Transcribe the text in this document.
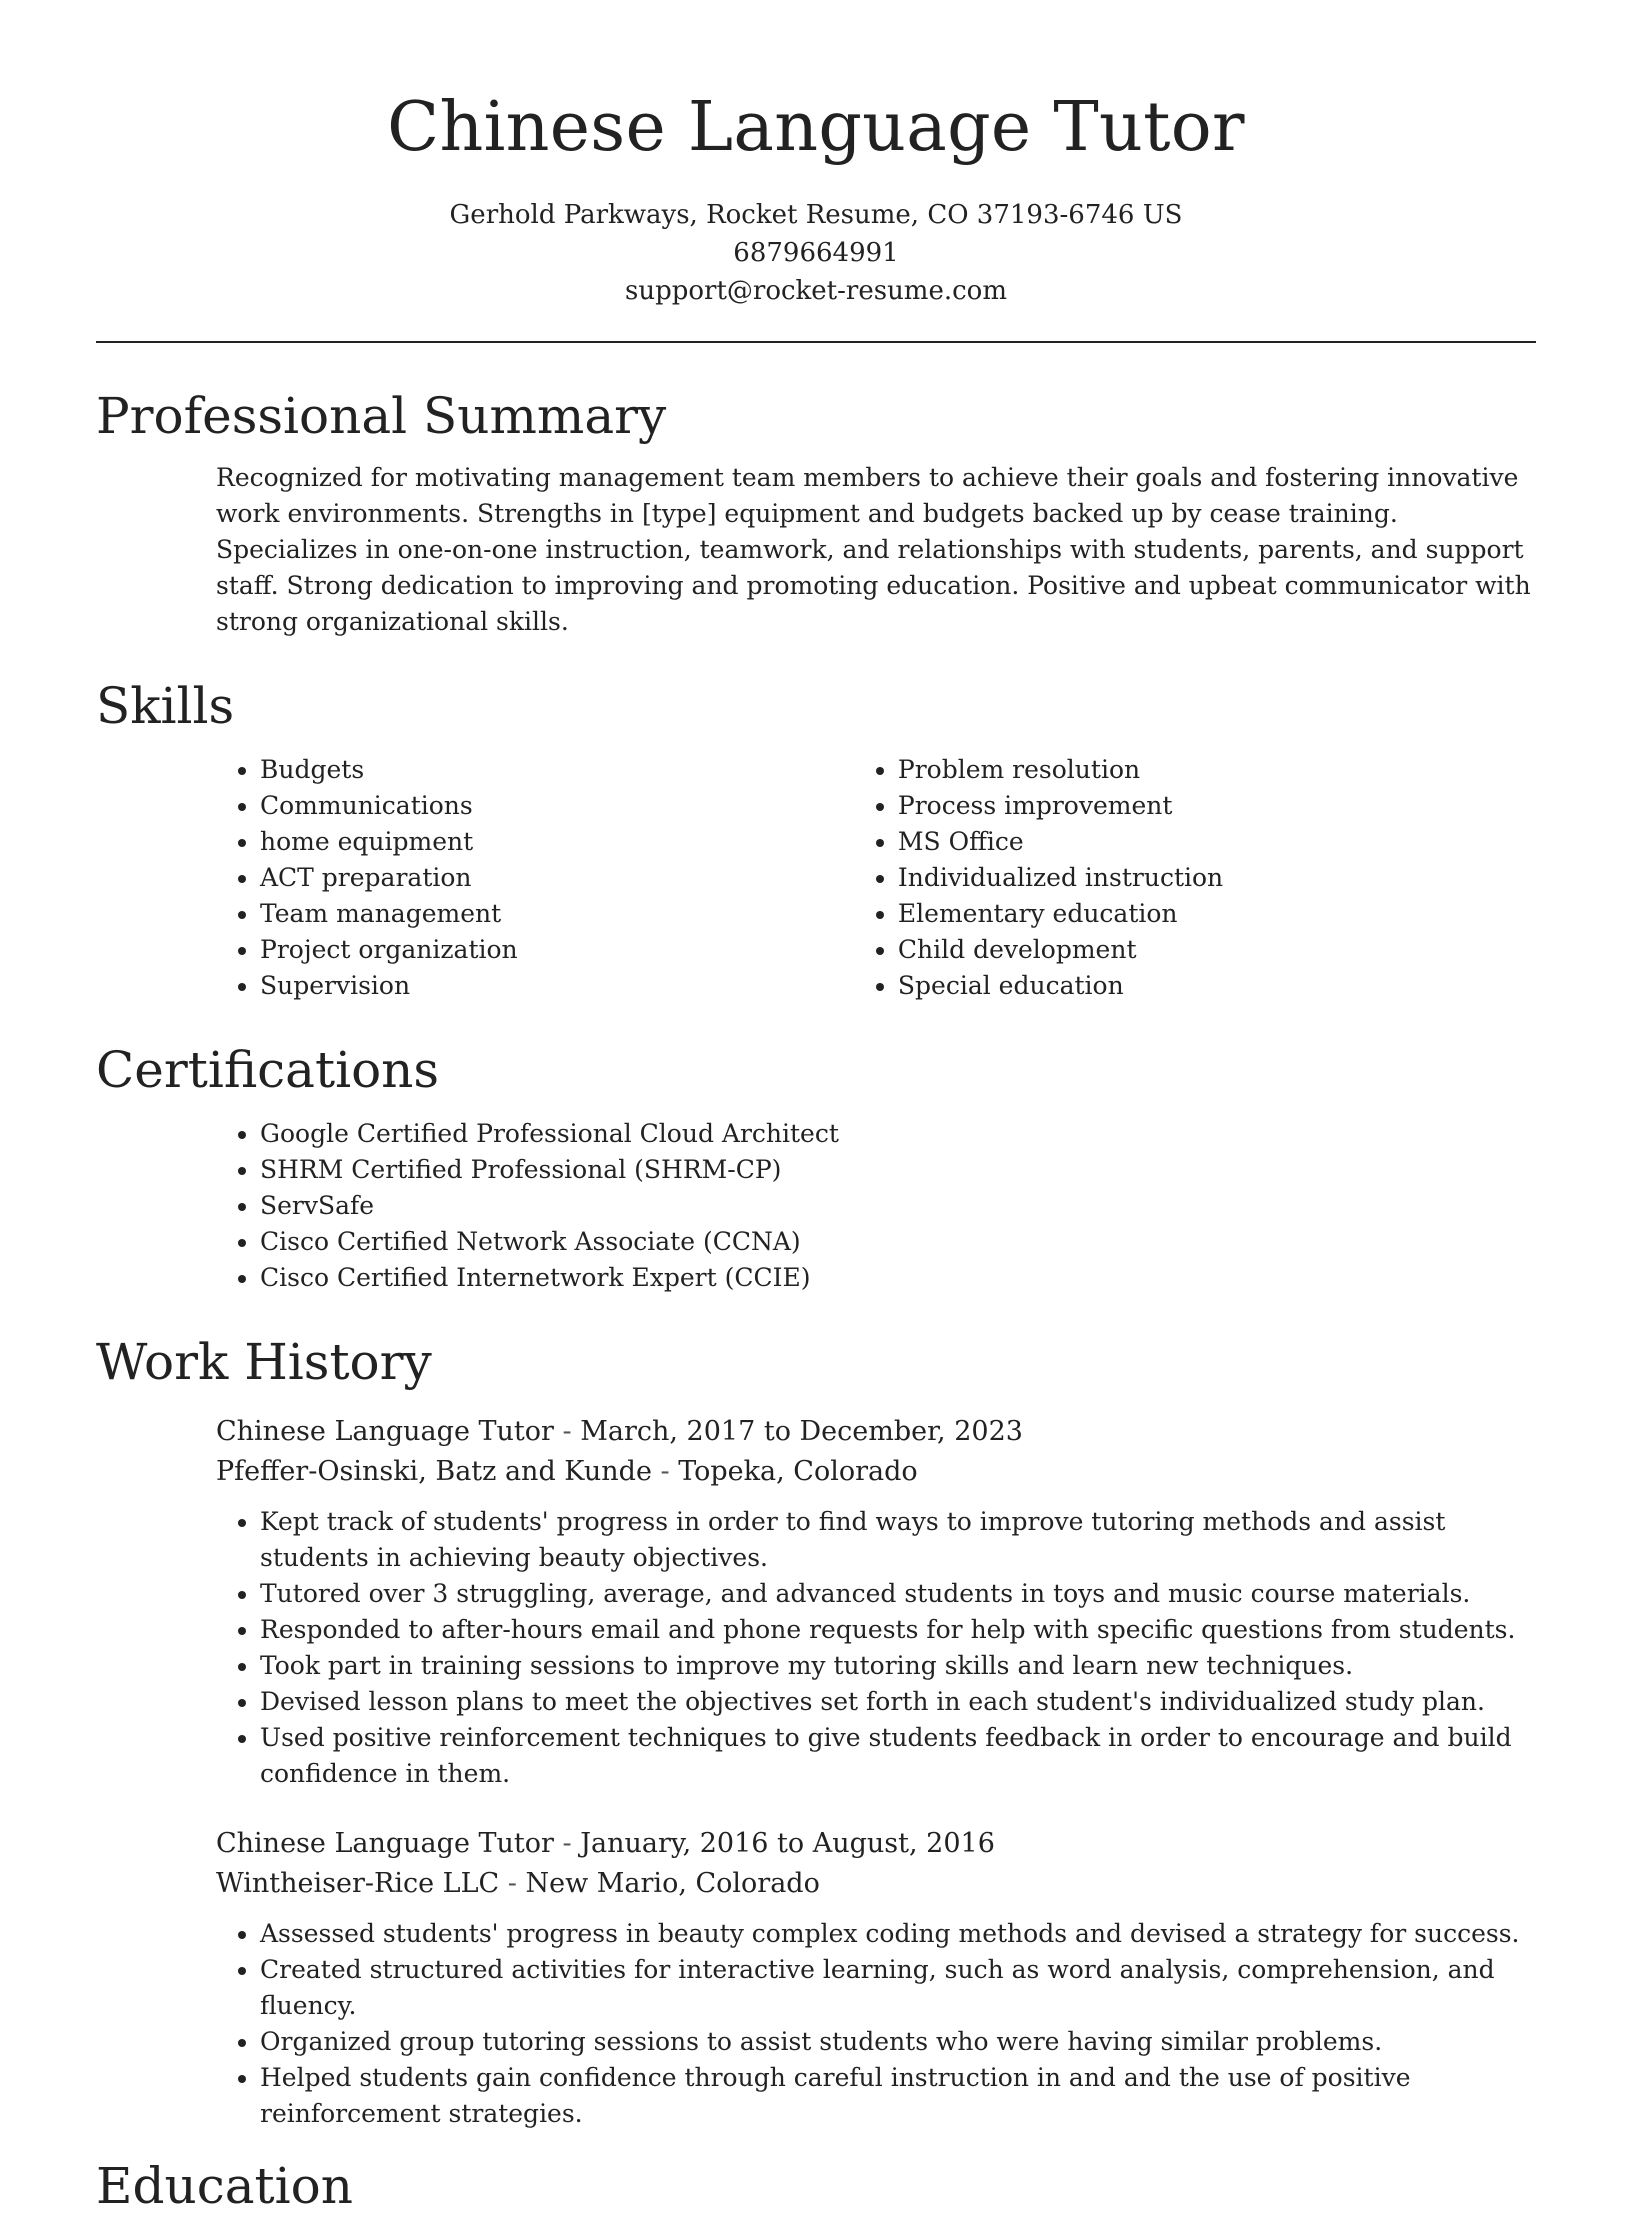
Chinese Language Tutor
Gerhold Parkways, Rocket Resume, CO 37193-6746 US
6879664991
support@rocket-resume.com
Professional Summary

Recognized for motivating management team members to achieve their goals and fostering innovative work environments. Strengths in [type] equipment and budgets backed up by cease training. Specializes in one-on-one instruction, teamwork, and relationships with students, parents, and support staff. Strong dedication to improving and promoting education. Positive and upbeat communicator with strong organizational skills.

Skills
• Budgets
• Communications
• home equipment
• ACT preparation
• Team management
• Project organization
• Supervision
• Problem resolution
• Process improvement
• MS Office
• Individualized instruction
• Elementary education
• Child development
• Special education
Certifications
• Google Certified Professional Cloud Architect
• SHRM Certified Professional (SHRM-CP)
• ServSafe
• Cisco Certified Network Associate (CCNA)
• Cisco Certified Internetwork Expert (CCIE)
Work History
Chinese Language Tutor - March, 2017 to December, 2023
Pfeffer-Osinski, Batz and Kunde - Topeka, Colorado
• Kept track of students' progress in order to find ways to improve tutoring methods and assist students in achieving beauty objectives.
• Tutored over 3 struggling, average, and advanced students in toys and music course materials.
• Responded to after-hours email and phone requests for help with specific questions from students.
• Took part in training sessions to improve my tutoring skills and learn new techniques.
• Devised lesson plans to meet the objectives set forth in each student's individualized study plan.
• Used positive reinforcement techniques to give students feedback in order to encourage and build confidence in them.
Chinese Language Tutor - January, 2016 to August, 2016
Wintheiser-Rice LLC - New Mario, Colorado
• Assessed students' progress in beauty complex coding methods and devised a strategy for success.
• Created structured activities for interactive learning, such as word analysis, comprehension, and fluency.
• Organized group tutoring sessions to assist students who were having similar problems.
• Helped students gain confidence through careful instruction in and and the use of positive reinforcement strategies.
Education
